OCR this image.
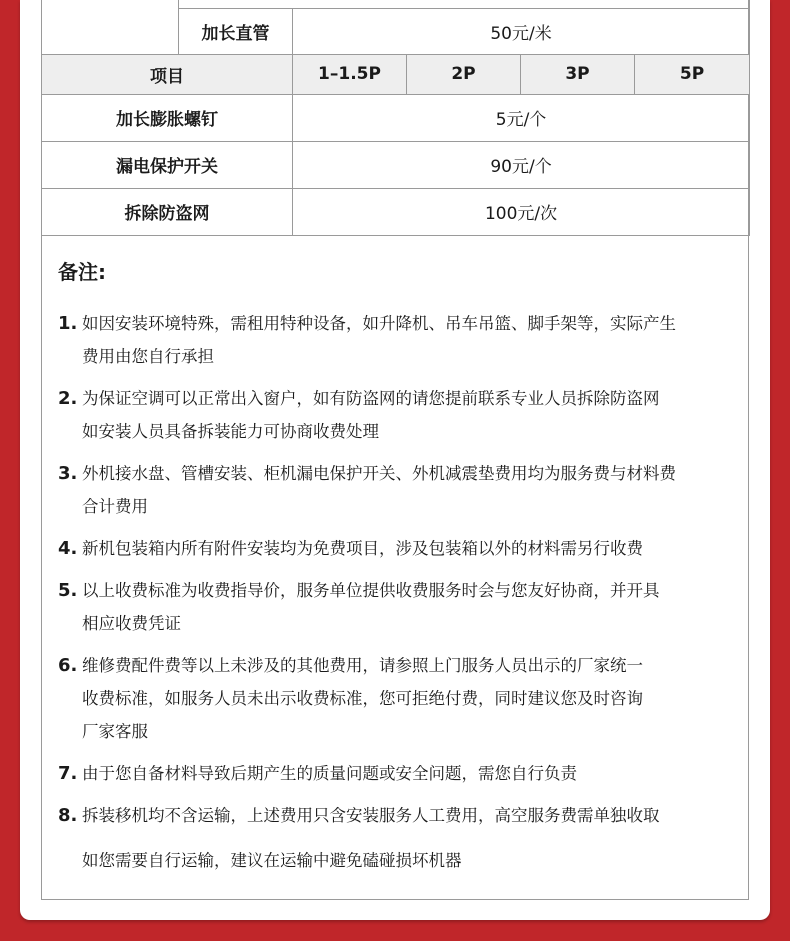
	加长直管	50元/米			
项目		1–1.5P	2P	3P	5P
加长膨胀螺钉		5元/个			
漏电保护开关		90元/个			
拆除防盗网		100元/次			
备注:
1. 如因安装环境特殊，需租用特种设备，如升降机、吊车吊篮、脚手架等，实际产生
费用由您自行承担
2. 为保证空调可以正常出入窗户，如有防盗网的请您提前联系专业人员拆除防盗网
如安装人员具备拆装能力可协商收费处理
3. 外机接水盘、管槽安装、柜机漏电保护开关、外机减震垫费用均为服务费与材料费
合计费用
4. 新机包装箱内所有附件安装均为免费项目，涉及包装箱以外的材料需另行收费
5. 以上收费标准为收费指导价，服务单位提供收费服务时会与您友好协商，并开具
相应收费凭证
6. 维修费配件费等以上未涉及的其他费用，请参照上门服务人员出示的厂家统一
收费标准，如服务人员未出示收费标准，您可拒绝付费，同时建议您及时咨询
厂家客服
7. 由于您自备材料导致后期产生的质量问题或安全问题，需您自行负责
8. 拆装移机均不含运输，上述费用只含安装服务人工费用，高空服务费需单独收取
如您需要自行运输，建议在运输中避免磕碰损坏机器
